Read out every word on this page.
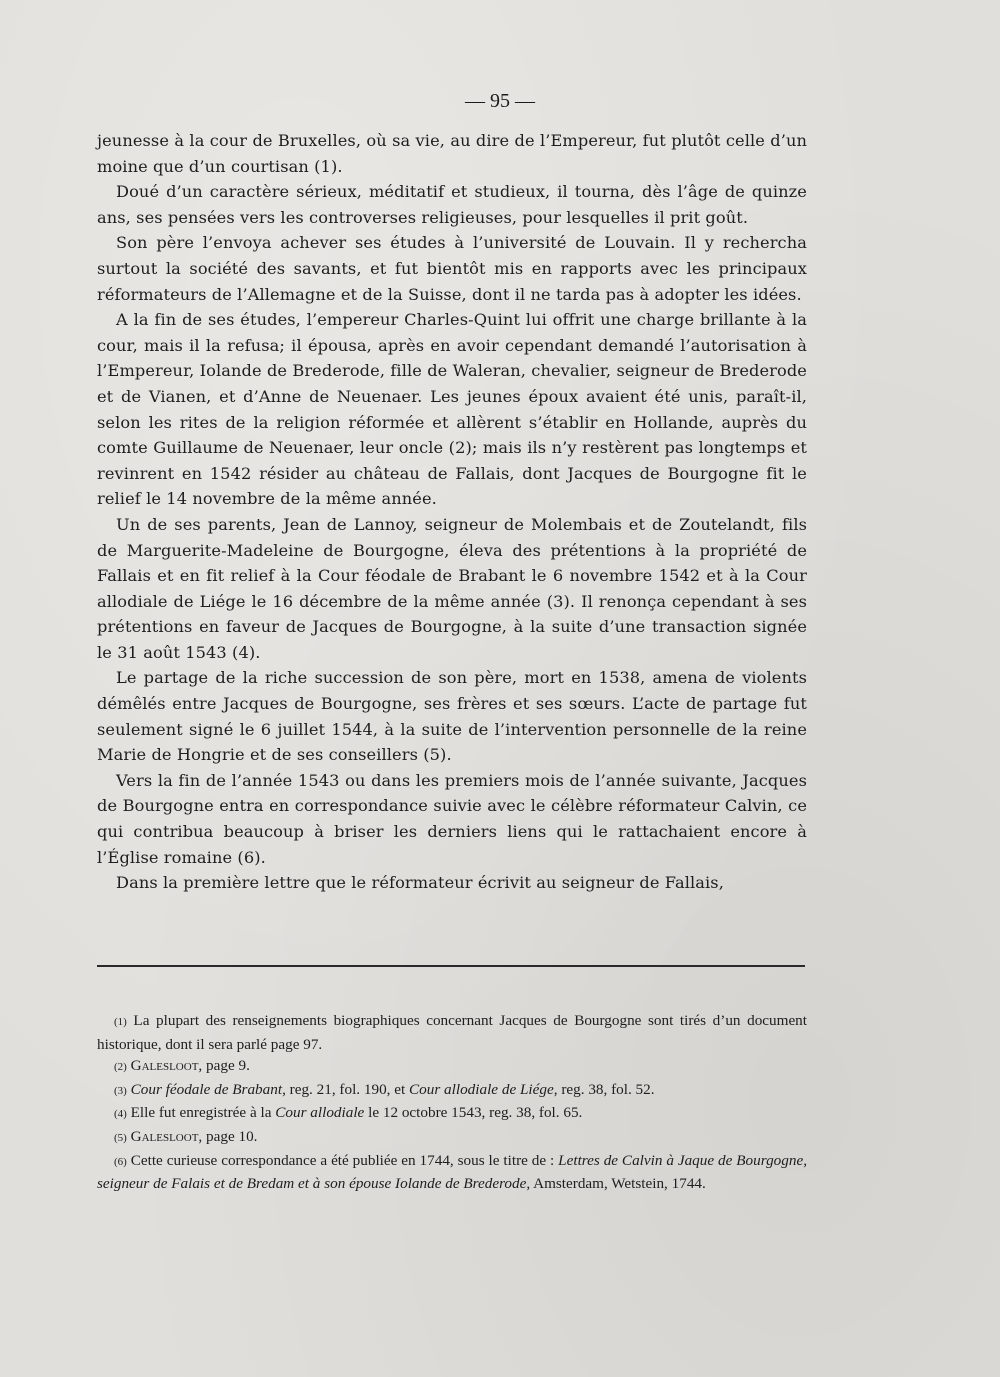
— 95 —

jeunesse à la cour de Bruxelles, où sa vie, au dire de l’Empereur, fut plutôt celle d’un moine que d’un courtisan (1).

Doué d’un caractère sérieux, méditatif et studieux, il tourna, dès l’âge de quinze ans, ses pensées vers les controverses religieuses, pour lesquelles il prit goût.

Son père l’envoya achever ses études à l’université de Louvain. Il y rechercha surtout la société des savants, et fut bientôt mis en rapports avec les principaux réformateurs de l’Allemagne et de la Suisse, dont il ne tarda pas à adopter les idées.

A la fin de ses études, l’empereur Charles-Quint lui offrit une charge brillante à la cour, mais il la refusa; il épousa, après en avoir cependant demandé l’autorisation à l’Empereur, Iolande de Brederode, fille de Waleran, chevalier, seigneur de Brederode et de Vianen, et d’Anne de Neuenaer. Les jeunes époux avaient été unis, paraît-il, selon les rites de la religion réformée et allèrent s’établir en Hollande, auprès du comte Guillaume de Neuenaer, leur oncle (2); mais ils n’y restèrent pas longtemps et revinrent en 1542 résider au château de Fallais, dont Jacques de Bourgogne fit le relief le 14 novembre de la même année.

Un de ses parents, Jean de Lannoy, seigneur de Molembais et de Zoutelandt, fils de Marguerite-Madeleine de Bourgogne, éleva des prétentions à la propriété de Fallais et en fit relief à la Cour féodale de Brabant le 6 novembre 1542 et à la Cour allodiale de Liége le 16 décembre de la même année (3). Il renonça cependant à ses prétentions en faveur de Jacques de Bourgogne, à la suite d’une transaction signée le 31 août 1543 (4).

Le partage de la riche succession de son père, mort en 1538, amena de violents démêlés entre Jacques de Bourgogne, ses frères et ses sœurs. L’acte de partage fut seulement signé le 6 juillet 1544, à la suite de l’intervention personnelle de la reine Marie de Hongrie et de ses conseillers (5).

Vers la fin de l’année 1543 ou dans les premiers mois de l’année suivante, Jacques de Bourgogne entra en correspondance suivie avec le célèbre réformateur Calvin, ce qui contribua beaucoup à briser les derniers liens qui le rattachaient encore à l’Église romaine (6).

Dans la première lettre que le réformateur écrivit au seigneur de Fallais,

(1) La plupart des renseignements biographiques concernant Jacques de Bourgogne sont tirés d’un document historique, dont il sera parlé page 97.

(2) Galesloot, page 9.

(3) Cour féodale de Brabant, reg. 21, fol. 190, et Cour allodiale de Liége, reg. 38, fol. 52.

(4) Elle fut enregistrée à la Cour allodiale le 12 octobre 1543, reg. 38, fol. 65.

(5) Galesloot, page 10.

(6) Cette curieuse correspondance a été publiée en 1744, sous le titre de : Lettres de Calvin à Jaque de Bourgogne, seigneur de Falais et de Bredam et à son épouse Iolande de Brederode, Amsterdam, Wetstein, 1744.
